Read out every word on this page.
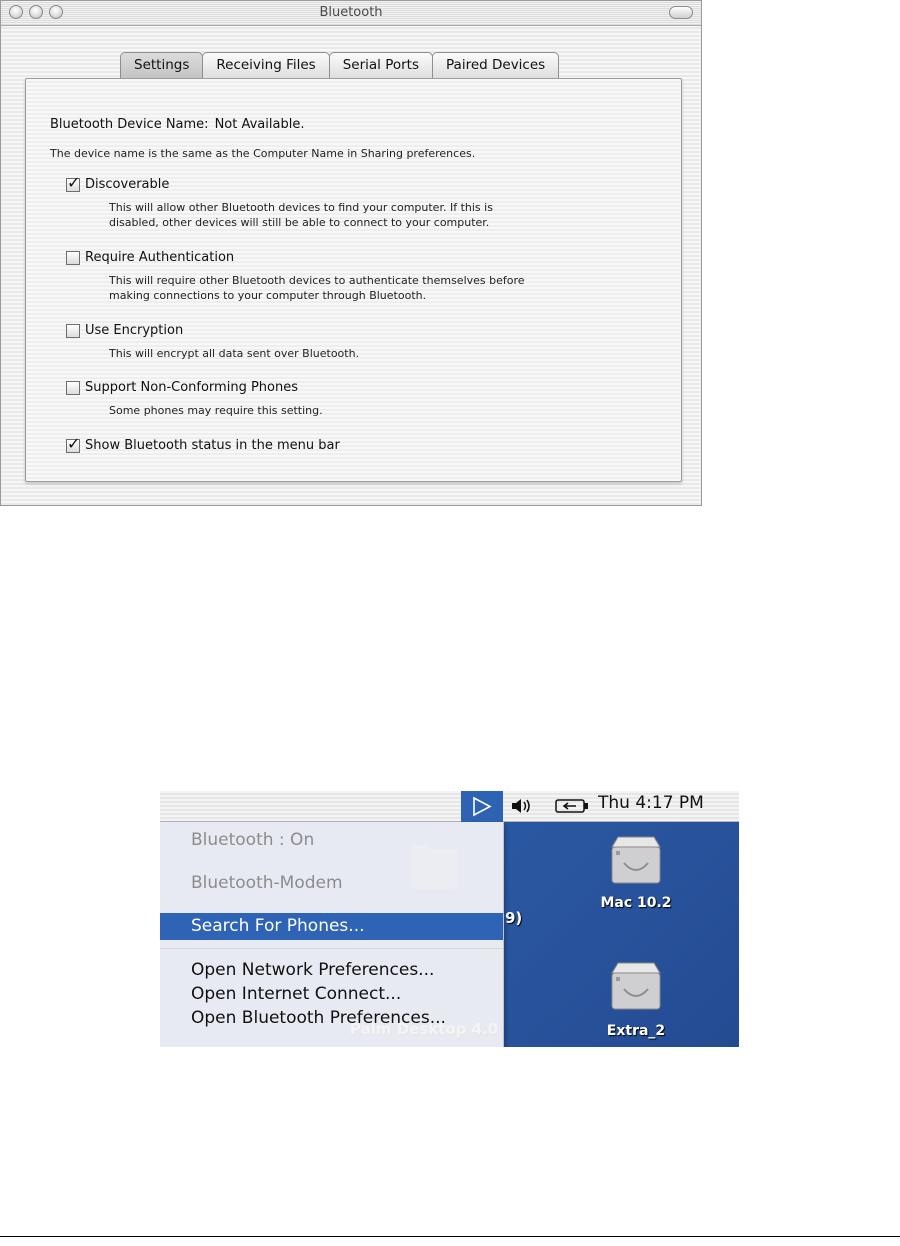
Bluetooth
Settings	Receiving Files	Serial Ports	Paired Devices
Bluetooth Device Name: Not Available.
The device name is the same as the Computer Name in Sharing preferences.
✓
Discoverable
This will allow other Bluetooth devices to find your computer. If this is
disabled, other devices will still be able to connect to your computer.
Require Authentication
This will require other Bluetooth devices to authenticate themselves before
making connections to your computer through Bluetooth.
Use Encryption
This will encrypt all data sent over Bluetooth.
Support Non-Conforming Phones
Some phones may require this setting.
✓
Show Bluetooth status in the menu bar
9)
Mac 10.2
Extra_2
Thu 4:17 PM
Bluetooth : On
Bluetooth-Modem
Search For Phones...
Open Network Preferences...
Open Internet Connect...
Open Bluetooth Preferences...
